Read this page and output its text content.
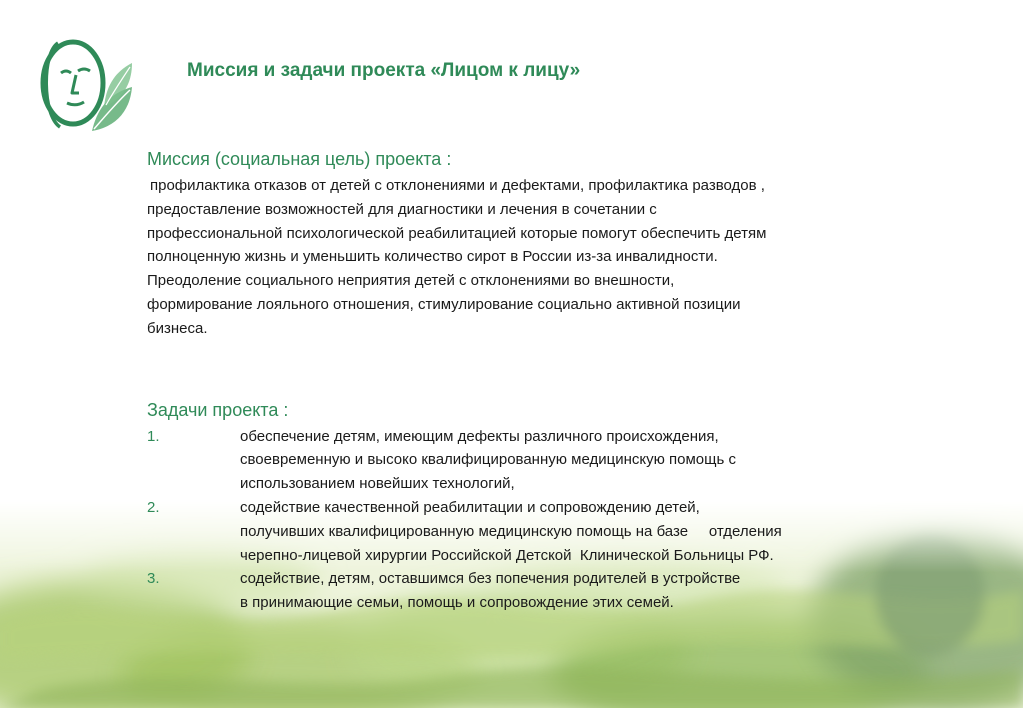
Миссия и задачи проекта «Лицом к лицу»
Миссия (социальная цель) проекта :

профилактика отказов от детей с отклонениями и дефектами, профилактика разводов ,
предоставление возможностей для диагностики и лечения в сочетании с
профессиональной психологической реабилитацией которые помогут обеспечить детям
полноценную жизнь и уменьшить количество сирот в России из-за инвалидности.
Преодоление социального неприятия детей с отклонениями во внешности,
формирование лояльного отношения, стимулирование социально активной позиции
бизнеса.

Задачи проекта :
1.	обеспечение детям, имеющим дефекты различного происхождения,
своевременную и высоко квалифицированную медицинскую помощь с
использованием новейших технологий,
2.	содействие качественной реабилитации и сопровождению детей,
получивших квалифицированную медицинскую помощь на базе     отделения
черепно-лицевой хирургии Российской Детской  Клинической Больницы РФ.
3.	содействие, детям, оставшимся без попечения родителей в устройстве
в принимающие семьи, помощь и сопровождение этих семей.
